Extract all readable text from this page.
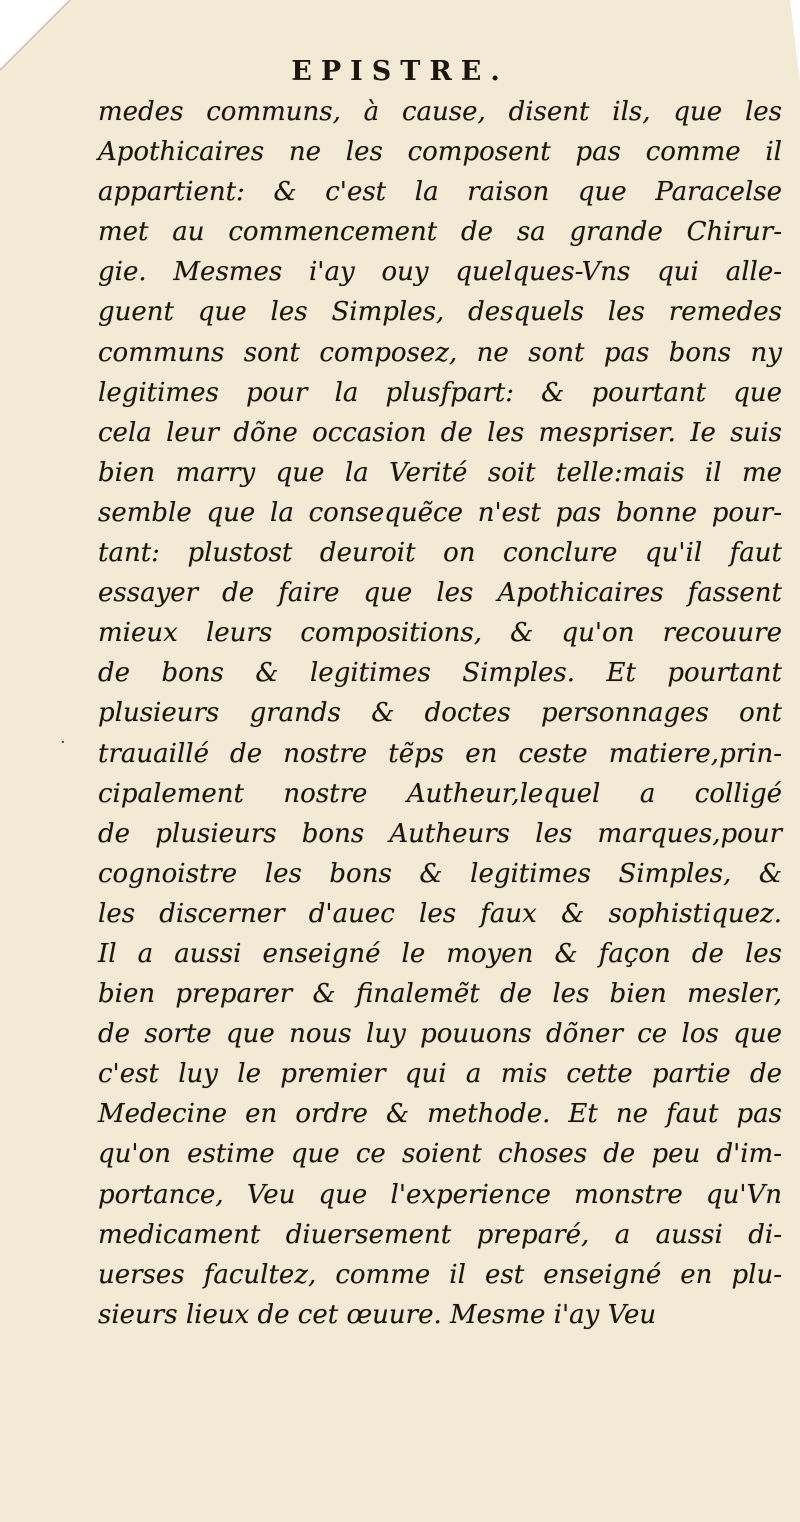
EPISTRE.
·
medes communs, à cause, disent ils, que les
Apothicaires ne les composent pas comme il
appartient: & c'est la raison que Paracelse
met au commencement de sa grande Chirur-
gie. Mesmes i'ay ouy quelques-Vns qui alle-
guent que les Simples, desquels les remedes
communs sont composez, ne sont pas bons ny
legitimes pour la plusfpart: & pourtant que
cela leur dõne occasion de les mespriser. Ie suis
bien marry que la Verité soit telle:mais il me
semble que la consequẽce n'est pas bonne pour-
tant: plustost deuroit on conclure qu'il faut
essayer de faire que les Apothicaires fassent
mieux leurs compositions, & qu'on recouure
de bons & legitimes Simples. Et pourtant
plusieurs grands & doctes personnages ont
trauaillé de nostre tẽps en ceste matiere,prin-
cipalement nostre Autheur,lequel a colligé
de plusieurs bons Autheurs les marques,pour
cognoistre les bons & legitimes Simples, &
les discerner d'auec les faux & sophistiquez.
Il a aussi enseigné le moyen & façon de les
bien preparer & finalemẽt de les bien mesler,
de sorte que nous luy pouuons dõner ce los que
c'est luy le premier qui a mis cette partie de
Medecine en ordre & methode. Et ne faut pas
qu'on estime que ce soient choses de peu d'im-
portance, Veu que l'experience monstre qu'Vn
medicament diuersement preparé, a aussi di-
uerses facultez, comme il est enseigné en plu-
sieurs lieux de cet œuure. Mesme i'ay Veu
